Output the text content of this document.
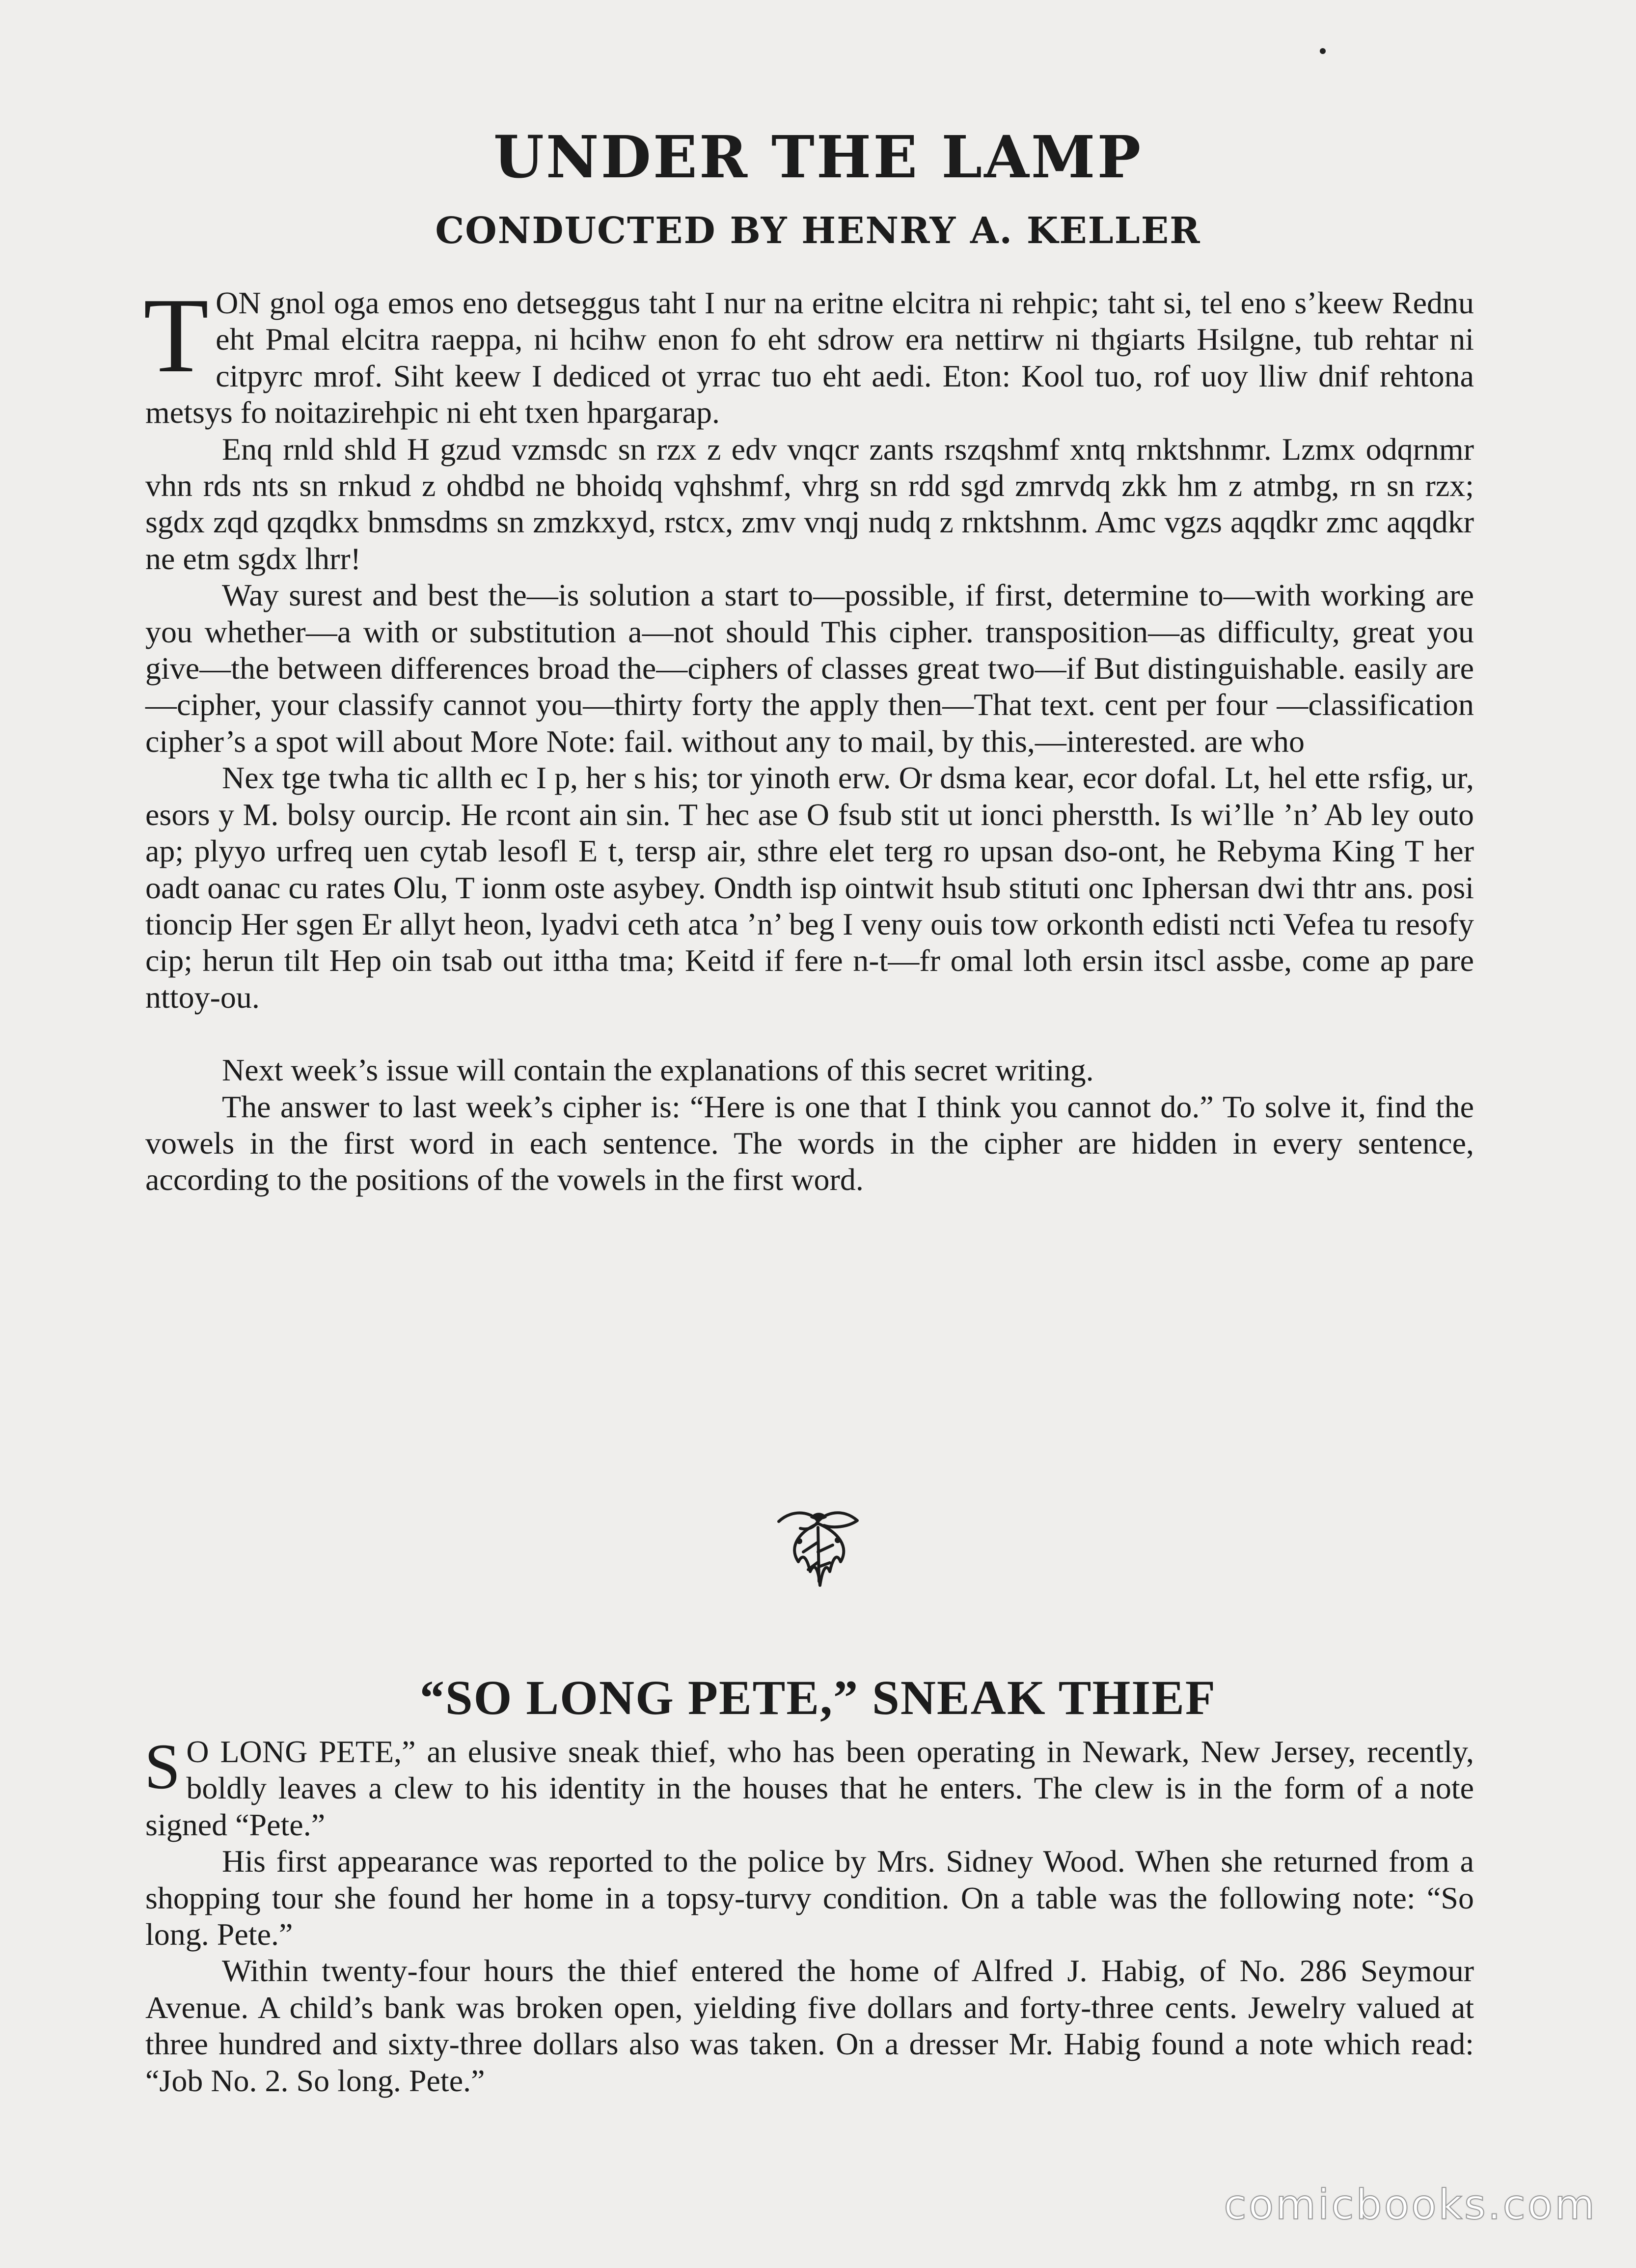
UNDER THE LAMP
CONDUCTED BY HENRY A. KELLER

TON gnol oga emos eno detseggus taht I nur na eritne elcitra ni rehpic; taht si, tel eno s’keew Rednu eht Pmal elcitra raeppa, ni hcihw enon fo eht sdrow era nettirw ni thgiarts Hsilgne, tub rehtar ni citpyrc mrof. Siht keew I dediced ot yrrac tuo eht aedi. Eton: Kool tuo, rof uoy lliw dnif rehtona metsys fo noitazirehpic ni eht txen hpargarap.

Enq rnld shld H gzud vzmsdc sn rzx z edv vnqcr zants rszqshmf xntq rnktshnmr. Lzmx odqrnmr vhn rds nts sn rnkud z ohdbd ne bhoidq vqhshmf, vhrg sn rdd sgd zmrvdq zkk hm z atmbg, rn sn rzx; sgdx zqd qzqdkx bnmsdms sn zmzkxyd, rstcx, zmv vnqj nudq z rnktshnm. Amc vgzs aqqdkr zmc aqqdkr ne etm sgdx lhrr!

Way surest and best the—is solution a start to—possible, if first, determine to—with working are you whether—a with or substitution a—not should This cipher. transposition—as difficulty, great you give—the between differences broad the—ciphers of classes great two—if But distinguishable. easily are—cipher, your classify cannot you—thirty forty the apply then—That text. cent per four —classification cipher’s a spot will about More Note: fail. without any to mail, by this,—interested. are who

Nex tge twha tic allth ec I p, her s his; tor yinoth erw. Or dsma kear, ecor dofal. Lt, hel ette rsfig, ur, esors y M. bolsy ourcip. He rcont ain sin. T hec ase O fsub stit ut ionci pherstth. Is wi’lle ’n’ Ab ley outo ap; plyyo urfreq uen cytab lesofl E t, tersp air, sthre elet terg ro upsan dso-ont, he Rebyma King T her oadt oanac cu rates Olu, T ionm oste asybey. Ondth isp ointwit hsub stituti onc Iphersan dwi thtr ans. posi tioncip Her sgen Er allyt heon, lyadvi ceth atca ’n’ beg I veny ouis tow orkonth edisti ncti Vefea tu resofy cip; herun tilt Hep oin tsab out ittha tma; Keitd if fere n-t—fr omal loth ersin itscl assbe, come ap pare nttoy-ou.

Next week’s issue will contain the explanations of this secret writing.

The answer to last week’s cipher is: “Here is one that I think you cannot do.” To solve it, find the vowels in the first word in each sentence. The words in the cipher are hidden in every sentence, according to the positions of the vowels in the first word.

“SO LONG PETE,” SNEAK THIEF

S O LONG PETE,” an elusive sneak thief, who has been operating in Newark, New Jersey, recently, boldly leaves a clew to his identity in the houses that he enters. The clew is in the form of a note signed “Pete.”

His first appearance was reported to the police by Mrs. Sidney Wood. When she returned from a shopping tour she found her home in a topsy-turvy condition. On a table was the following note: “So long. Pete.”

Within twenty-four hours the thief entered the home of Alfred J. Habig, of No. 286 Seymour Avenue. A child’s bank was broken open, yielding five dollars and forty-three cents. Jewelry valued at three hundred and sixty-three dollars also was taken. On a dresser Mr. Habig found a note which read: “Job No. 2. So long. Pete.”

comicbooks.com
